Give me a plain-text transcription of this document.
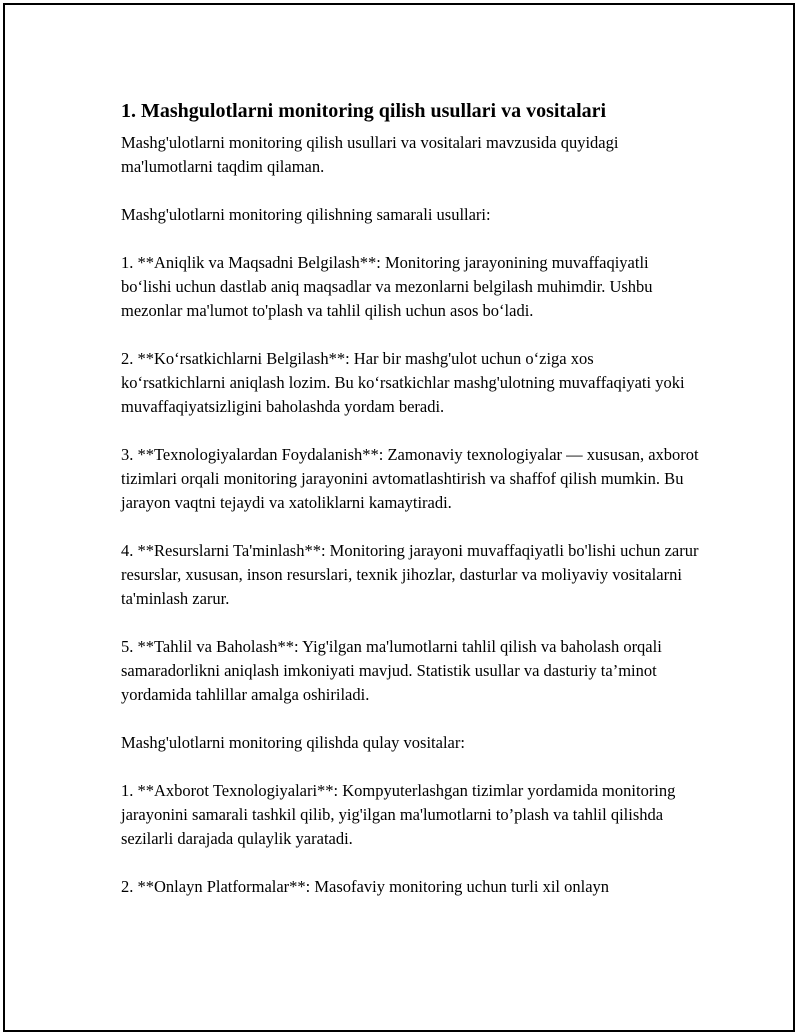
1. Mashgulotlarni monitoring qilish usullari va vositalari

Mashg'ulotlarni monitoring qilish usullari va vositalari mavzusida quyidagi ma'lumotlarni taqdim qilaman.

Mashg'ulotlarni monitoring qilishning samarali usullari:

1. **Aniqlik va Maqsadni Belgilash**: Monitoring jarayonining muvaffaqiyatli bo‘lishi uchun dastlab aniq maqsadlar va mezonlarni belgilash muhimdir. Ushbu mezonlar ma'lumot to'plash va tahlil qilish uchun asos bo‘ladi.

2. **Ko‘rsatkichlarni Belgilash**: Har bir mashg'ulot uchun o‘ziga xos ko‘rsatkichlarni aniqlash lozim. Bu ko‘rsatkichlar mashg'ulotning muvaffaqiyati yoki muvaffaqiyatsizligini baholashda yordam beradi.

3. **Texnologiyalardan Foydalanish**: Zamonaviy texnologiyalar — xususan, axborot tizimlari orqali monitoring jarayonini avtomatlashtirish va shaffof qilish mumkin. Bu jarayon vaqtni tejaydi va xatoliklarni kamaytiradi.

4. **Resurslarni Ta'minlash**: Monitoring jarayoni muvaffaqiyatli bo'lishi uchun zarur resurslar, xususan, inson resurslari, texnik jihozlar, dasturlar va moliyaviy vositalarni ta'minlash zarur.

5. **Tahlil va Baholash**: Yig'ilgan ma'lumotlarni tahlil qilish va baholash orqali samaradorlikni aniqlash imkoniyati mavjud. Statistik usullar va dasturiy ta’minot yordamida tahlillar amalga oshiriladi.

Mashg'ulotlarni monitoring qilishda qulay vositalar:

1. **Axborot Texnologiyalari**: Kompyuterlashgan tizimlar yordamida monitoring jarayonini samarali tashkil qilib, yig'ilgan ma'lumotlarni to’plash va tahlil qilishda sezilarli darajada qulaylik yaratadi.

2. **Onlayn Platformalar**: Masofaviy monitoring uchun turli xil onlayn
